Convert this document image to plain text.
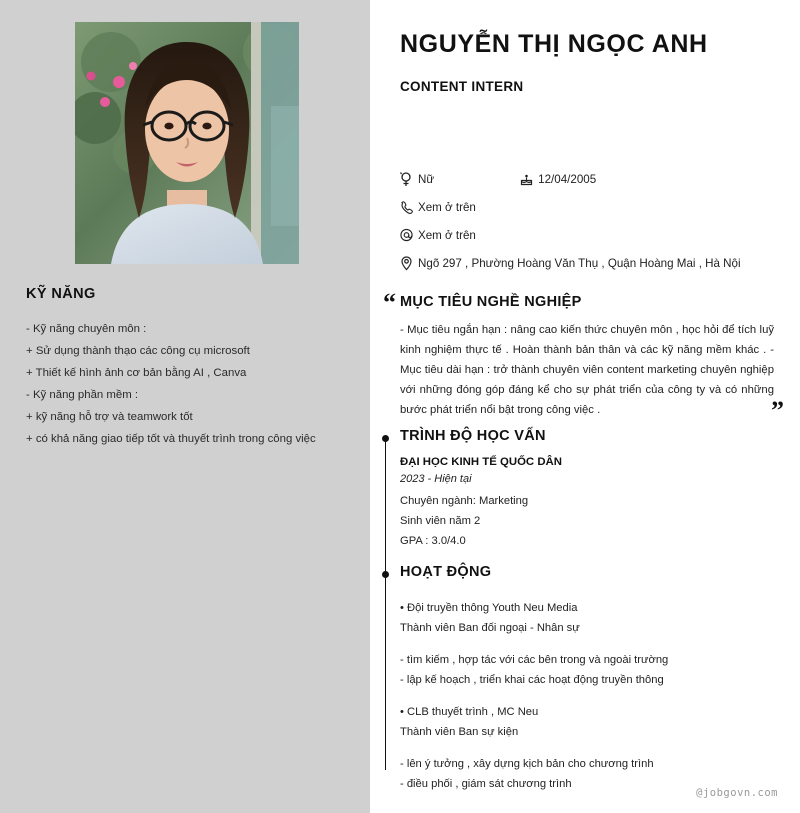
KỸ NĂNG
- Kỹ năng chuyên môn :
+ Sử dụng thành thạo các công cụ microsoft
+ Thiết kế hình ảnh cơ bản bằng AI , Canva
- Kỹ năng phần mềm :
+ kỹ năng hỗ trợ và teamwork tốt
+ có khả năng giao tiếp tốt và thuyết trình trong công việc
NGUYỄN THỊ NGỌC ANH
CONTENT INTERN
Nữ	12/04/2005
Xem ở trên
Xem ở trên
Ngõ 297 , Phường Hoàng Văn Thụ , Quận Hoàng Mai , Hà Nội
“ MỤC TIÊU NGHỀ NGHIỆP
- Mục tiêu ngắn hạn : nâng cao kiến thức chuyên môn , học hỏi để tích luỹ kinh nghiệm thực tế . Hoàn thành bản thân và các kỹ năng mềm khác . - Mục tiêu dài hạn : trở thành chuyên viên content marketing chuyên nghiệp với những đóng góp đáng kể cho sự phát triển của công ty và có những bước phát triển nổi bật trong công việc .	”
TRÌNH ĐỘ HỌC VẤN
ĐẠI HỌC KINH TẾ QUỐC DÂN
2023 - Hiện tại
Chuyên ngành: Marketing
Sinh viên năm 2
GPA : 3.0/4.0
HOẠT ĐỘNG
• Đội truyền thông Youth Neu Media
Thành viên Ban đối ngoại - Nhân sự
- tìm kiếm , hợp tác với các bên trong và ngoài trường
- lập kế hoạch , triển khai các hoạt động truyền thông
• CLB thuyết trình , MC Neu
Thành viên Ban sự kiện
- lên ý tưởng , xây dựng kịch bản cho chương trình
- điều phối , giám sát chương trình
@jobgovn.com
